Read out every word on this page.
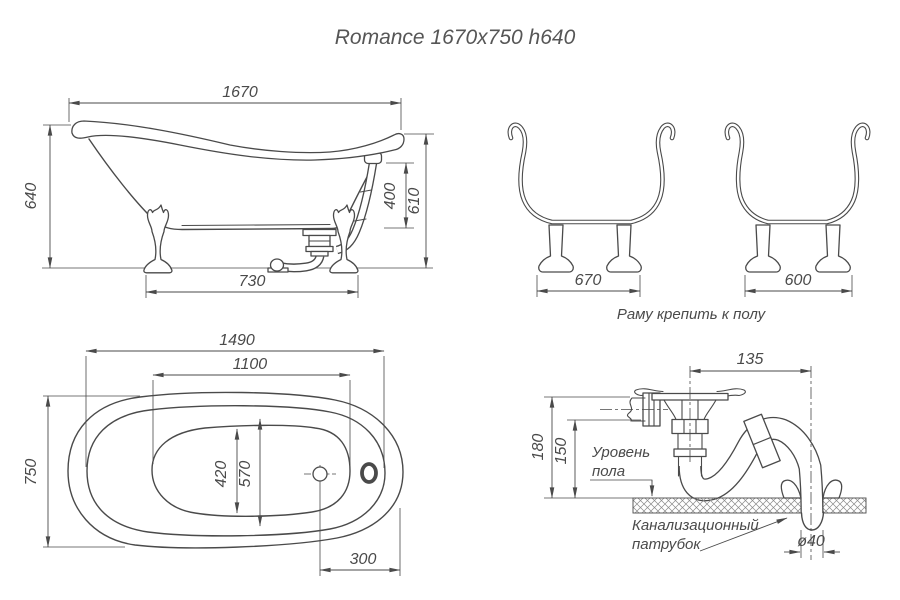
Romance 1670x750 h640
1670
640	400 610
730	670	600
Раму крепить к полу
1490
1100
750	420 570
300
135
180 150
ø40
Уровень
пола
Канализационный
патрубок
